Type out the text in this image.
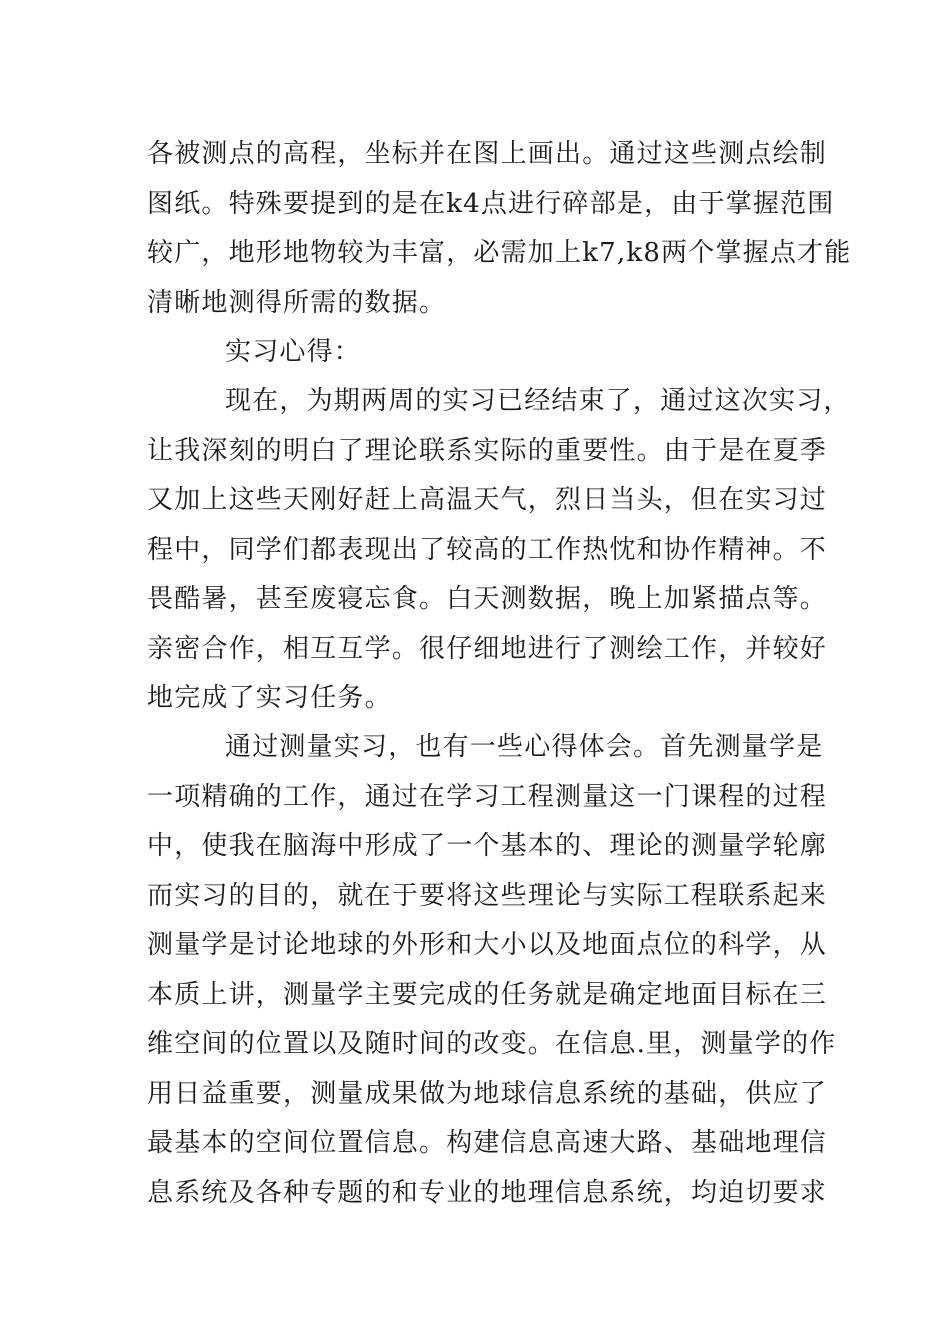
各被测点的高程，坐标并在图上画出。通过这些测点绘制
图纸。特殊要提到的是在k4点进行碎部是，由于掌握范围
较广，地形地物较为丰富，必需加上k7,k8两个掌握点才能
清晰地测得所需的数据。
实习心得：
现在，为期两周的实习已经结束了，通过这次实习，
让我深刻的明白了理论联系实际的重要性。由于是在夏季
又加上这些天刚好赶上高温天气，烈日当头，但在实习过
程中，同学们都表现出了较高的工作热忱和协作精神。不
畏酷暑，甚至废寝忘食。白天测数据，晚上加紧描点等。
亲密合作，相互互学。很仔细地进行了测绘工作，并较好
地完成了实习任务。
通过测量实习，也有一些心得体会。首先测量学是
一项精确的工作，通过在学习工程测量这一门课程的过程
中，使我在脑海中形成了一个基本的、理论的测量学轮廓
而实习的目的，就在于要将这些理论与实际工程联系起来
测量学是讨论地球的外形和大小以及地面点位的科学，从
本质上讲，测量学主要完成的任务就是确定地面目标在三
维空间的位置以及随时间的改变。在信息.里，测量学的作
用日益重要，测量成果做为地球信息系统的基础，供应了
最基本的空间位置信息。构建信息高速大路、基础地理信
息系统及各种专题的和专业的地理信息系统，均迫切要求
